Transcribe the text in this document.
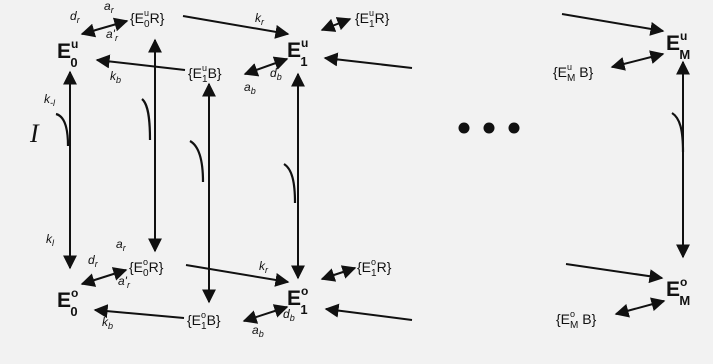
I
$E^u$ 0
$E^u$ 1
$E^u$ M
$E^o$ 0
$E^o$ 1
$E^o$ M
{$E^u$ 0R}	{$E^u$ 1R}
{$E^u$ 1B}	{$E^u$ M B}
{$E^o$ 0R}	{$E^o$ 1R}
{$E^o$ 1B}	{$E^o$ M B}
$d_r$
$a_r$
$a'_r$
$k_r$
$k_b$	$a_b$
$d_b$
$k_{-l}$
$k_l$
$d_r$
$a_r$
$a'_r$
$k_r$
$k_b$	$a_b$
$d_b$
